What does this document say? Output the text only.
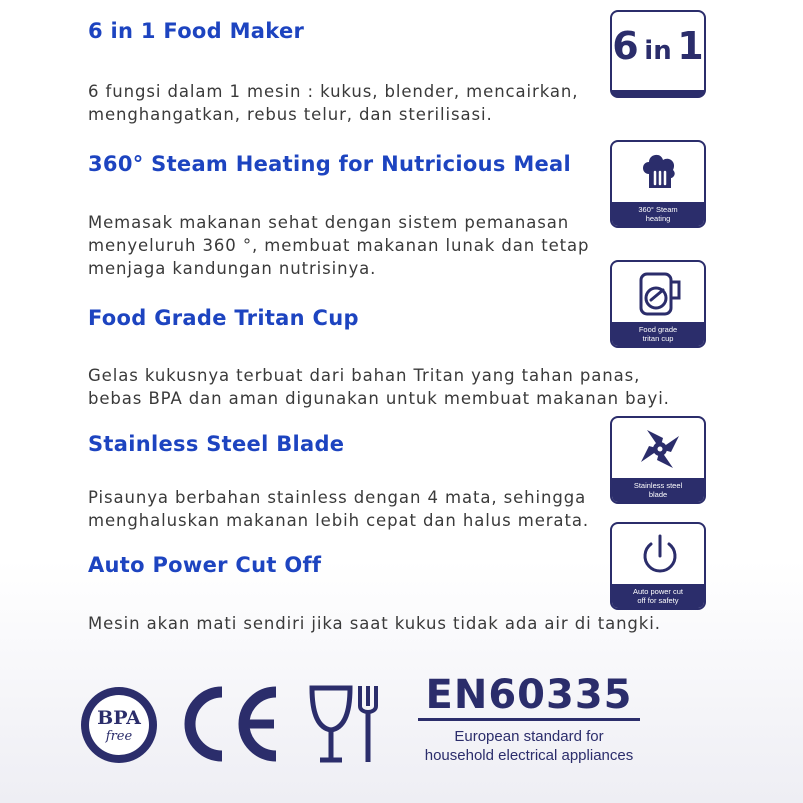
6 in 1 Food Maker

6 fungsi dalam 1 mesin : kukus, blender, mencairkan,
menghangatkan, rebus telur, dan sterilisasi.

360° Steam Heating for Nutricious Meal

Memasak makanan sehat dengan sistem pemanasan
menyeluruh 360 °, membuat makanan lunak dan tetap
menjaga kandungan nutrisinya.

Food Grade Tritan Cup

Gelas kukusnya terbuat dari bahan Tritan yang tahan panas,
bebas BPA dan aman digunakan untuk membuat makanan bayi.

Stainless Steel Blade

Pisaunya berbahan stainless dengan 4 mata, sehingga
menghaluskan makanan lebih cepat dan halus merata.

Auto Power Cut Off

Mesin akan mati sendiri jika saat kukus tidak ada air di tangki.

6 in 1
360° Steam
heating
Food grade
tritan cup
Stainless steel
blade
Auto power cut
off for safety
BPA
free
EN60335

European standard for
household electrical appliances
